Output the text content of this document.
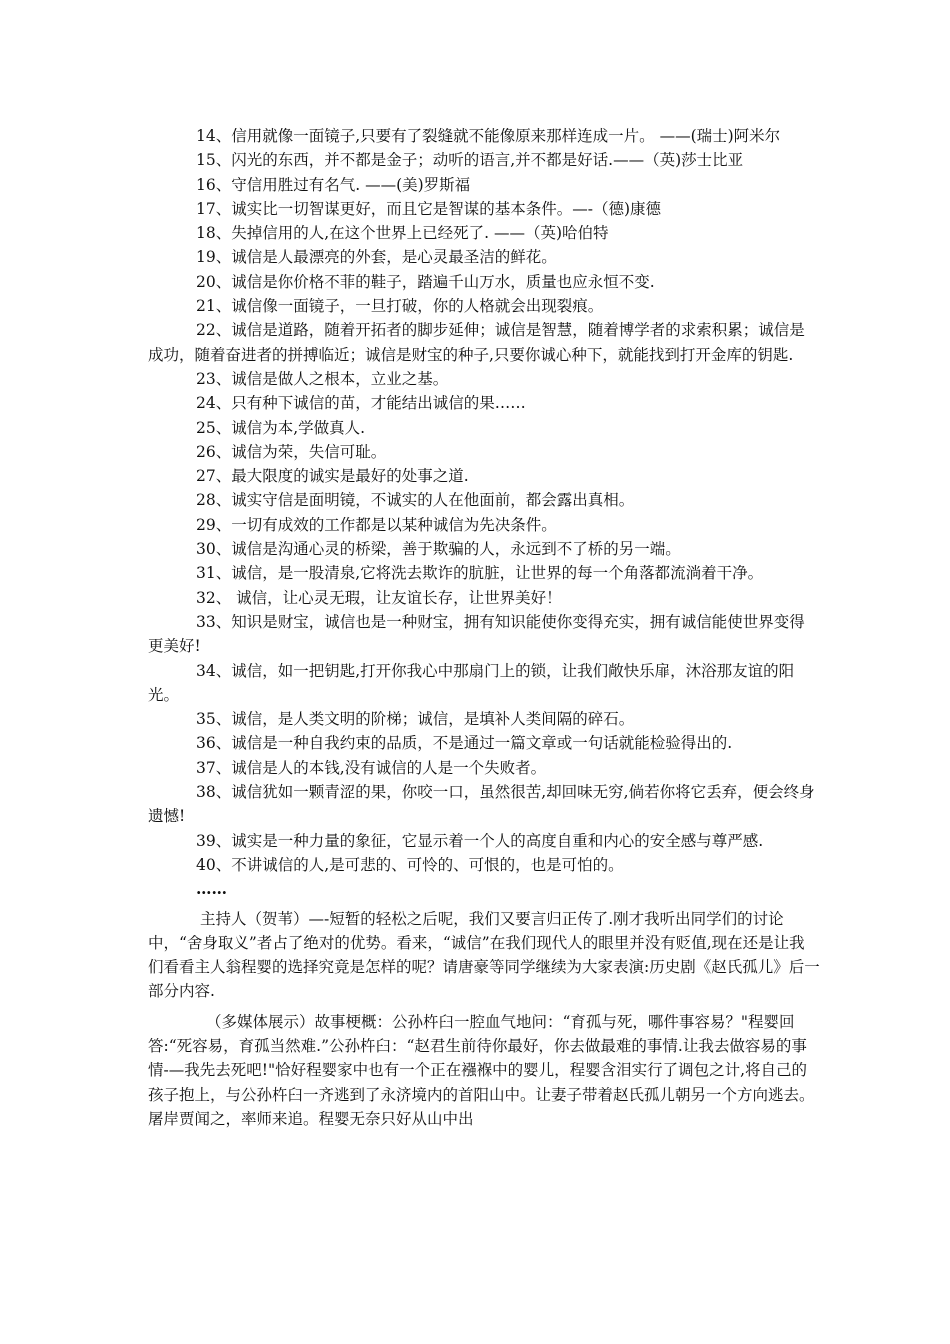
14、信用就像一面镜子,只要有了裂缝就不能像原来那样连成一片。 ——(瑞士)阿米尔

15、闪光的东西，并不都是金子；动听的语言,并不都是好话.——（英)莎士比亚

16、守信用胜过有名气. ——(美)罗斯福

17、诚实比一切智谋更好，而且它是智谋的基本条件。—-（德)康德

18、失掉信用的人,在这个世界上已经死了. ——（英)哈伯特

19、诚信是人最漂亮的外套，是心灵最圣洁的鲜花。

20、诚信是你价格不菲的鞋子，踏遍千山万水，质量也应永恒不变.

21、诚信像一面镜子，一旦打破，你的人格就会出现裂痕。

22、诚信是道路，随着开拓者的脚步延伸；诚信是智慧，随着博学者的求索积累；诚信是成功，随着奋进者的拼搏临近；诚信是财宝的种子,只要你诚心种下，就能找到打开金库的钥匙.

23、诚信是做人之根本，立业之基。

24、只有种下诚信的苗，才能结出诚信的果……

25、诚信为本,学做真人.

26、诚信为荣，失信可耻。

27、最大限度的诚实是最好的处事之道.

28、诚实守信是面明镜，不诚实的人在他面前，都会露出真相。

29、一切有成效的工作都是以某种诚信为先决条件。

30、诚信是沟通心灵的桥梁，善于欺骗的人，永远到不了桥的另一端。

31、诚信，是一股清泉,它将洗去欺诈的肮脏，让世界的每一个角落都流淌着干净。

32、 诚信，让心灵无瑕，让友谊长存，让世界美好！

33、知识是财宝，诚信也是一种财宝，拥有知识能使你变得充实，拥有诚信能使世界变得更美好!

34、诚信，如一把钥匙,打开你我心中那扇门上的锁，让我们敞快乐扉，沐浴那友谊的阳光。

35、诚信，是人类文明的阶梯；诚信，是填补人类间隔的碎石。

36、诚信是一种自我约束的品质，不是通过一篇文章或一句话就能检验得出的.

37、诚信是人的本钱,没有诚信的人是一个失败者。

38、诚信犹如一颗青涩的果，你咬一口，虽然很苦,却回味无穷,倘若你将它丢弃，便会终身遗憾!

39、诚实是一种力量的象征，它显示着一个人的高度自重和内心的安全感与尊严感.

40、不讲诚信的人,是可悲的、可怜的、可恨的，也是可怕的。

……

主持人（贺苇）—-短暂的轻松之后呢，我们又要言归正传了.刚才我听出同学们的讨论中，“舍身取义”者占了绝对的优势。看来，“诚信”在我们现代人的眼里并没有贬值,现在还是让我们看看主人翁程婴的选择究竟是怎样的呢？请唐豪等同学继续为大家表演:历史剧《赵氏孤儿》后一部分内容.

（多媒体展示）故事梗概：公孙杵臼一腔血气地问：“育孤与死，哪件事容易？"程婴回答:“死容易，育孤当然难.”公孙杵臼：“赵君生前待你最好，你去做最难的事情.让我去做容易的事情-—我先去死吧!"恰好程婴家中也有一个正在襁褓中的婴儿，程婴含泪实行了调包之计,将自己的孩子抱上，与公孙杵臼一齐逃到了永济境内的首阳山中。让妻子带着赵氏孤儿朝另一个方向逃去。屠岸贾闻之，率师来追。程婴无奈只好从山中出
